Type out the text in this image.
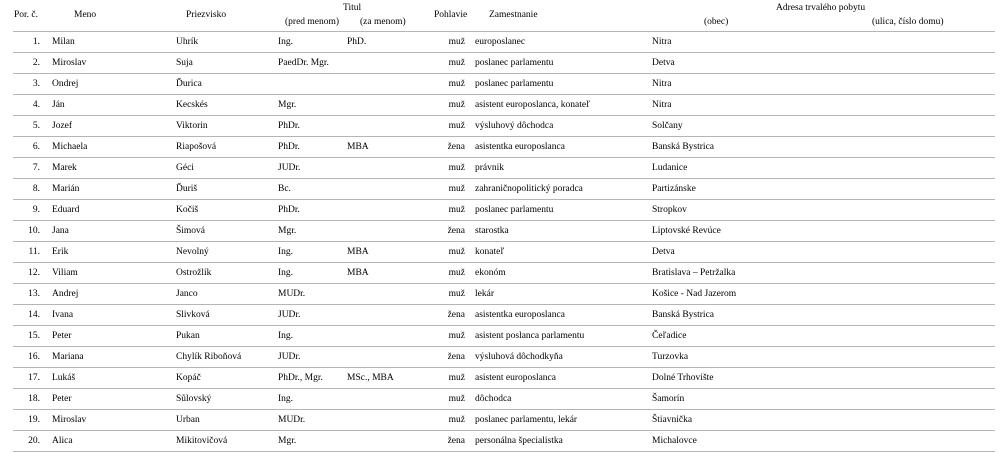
Por. č.	Meno	Priezvisko
Titul
(pred menom) (za menom)
Pohlavie Zamestnanie
Adresa trvalého pobytu
(obec)	(ulica, číslo domu)
1.	Milan	Uhrík	Ing.	PhD.	muž	europoslanec	Nitra
2.	Miroslav	Suja	PaedDr. Mgr.		muž	poslanec parlamentu	Detva
3.	Ondrej	Ďurica			muž	poslanec parlamentu	Nitra
4.	Ján	Kecskés	Mgr.		muž	asistent europoslanca, konateľ	Nitra
5.	Jozef	Viktorin	PhDr.		muž	výsluhový dôchodca	Solčany
6.	Michaela	Riapošová	PhDr.	MBA	žena	asistentka europoslanca	Banská Bystrica
7.	Marek	Géci	JUDr.		muž	právnik	Ludanice
8.	Marián	Ďuriš	Bc.		muž	zahraničnopolitický poradca	Partizánske
9.	Eduard	Kočiš	PhDr.		muž	poslanec parlamentu	Stropkov
10.	Jana	Šimová	Mgr.		žena	starostka	Liptovské Revúce
11.	Erik	Nevolný	Ing.	MBA	muž	konateľ	Detva
12.	Viliam	Ostrožlík	Ing.	MBA	muž	ekonóm	Bratislava – Petržalka
13.	Andrej	Janco	MUDr.		muž	lekár	Košice - Nad Jazerom
14.	Ivana	Slivková	JUDr.		žena	asistentka europoslanca	Banská Bystrica
15.	Peter	Pukan	Ing.		muž	asistent poslanca parlamentu	Čeľadice
16.	Mariana	Chylík Riboňová	JUDr.		žena	výsluhová dôchodkyňa	Turzovka
17.	Lukáš	Kopáč	PhDr., Mgr.	MSc., MBA	muž	asistent europoslanca	Dolné Trhovište
18.	Peter	Sůlovský	Ing.		muž	dôchodca	Šamorín
19.	Miroslav	Urban	MUDr.		muž	poslanec parlamentu, lekár	Štiavnička
20.	Alica	Mikitovičová	Mgr.		žena	personálna špecialistka	Michalovce
